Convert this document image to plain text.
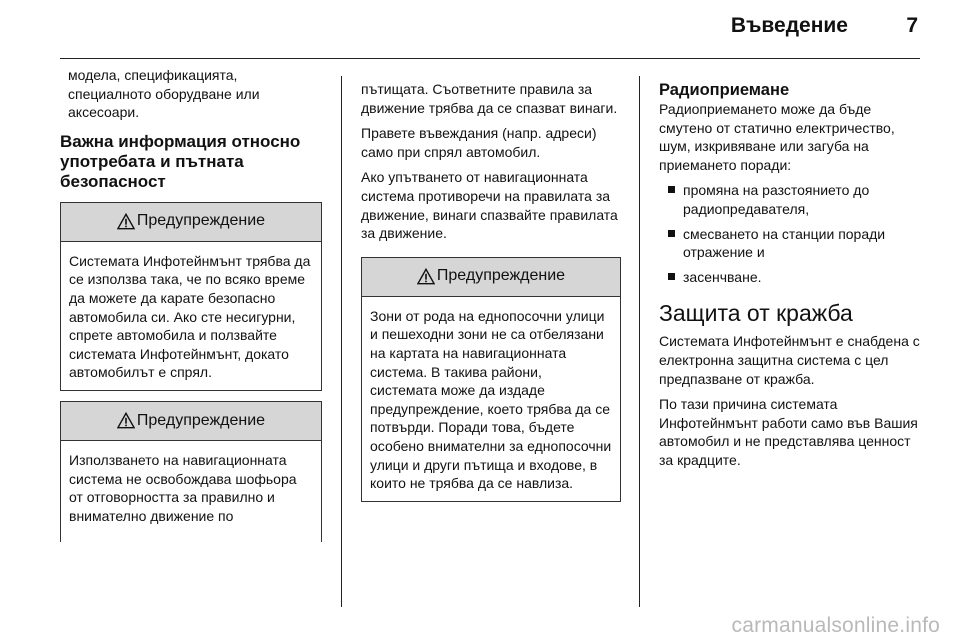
Въведение	7

модела, спецификацията, специалното оборудване или аксесоари.

Важна информация относно употребата и пътната безопасност
Предупреждение
Системата Инфотейнмънт трябва да се използва така, че по всяко време да можете да карате безопасно автомобила си. Ако сте несигурни, спрете автомобила и ползвайте системата Инфотейнмънт, докато автомобилът е спрял.
Предупреждение
Използването на навигационната система не освобождава шофьора от отговорността за правилно и внимателно движение по

пътищата. Съответните правила за движение трябва да се спазват винаги.

Правете въвеждания (напр. адреси) само при спрял автомобил.

Ако упътването от навигационната система противоречи на правилата за движение, винаги спазвайте правилата за движение.

Предупреждение
Зони от рода на еднопосочни улици и пешеходни зони не са отбелязани на картата на навигационната система. В такива райони, системата може да издаде предупреждение, което трябва да се потвърди. Поради това, бъдете особено внимателни за еднопосочни улици и други пътища и входове, в които не трябва да се навлиза.
Радиоприемане

Радиоприемането може да бъде смутено от статично електричество, шум, изкривяване или загуба на приемането поради:

промяна на разстоянието до радиопредавателя,
смесването на станции поради отражение и
засенчване.
Защита от кражба

Системата Инфотейнмънт е снабдена с електронна защитна система с цел предпазване от кражба.

По тази причина системата Инфотейнмънт работи само във Вашия автомобил и не представлява ценност за крадците.

carmanualsonline.info
